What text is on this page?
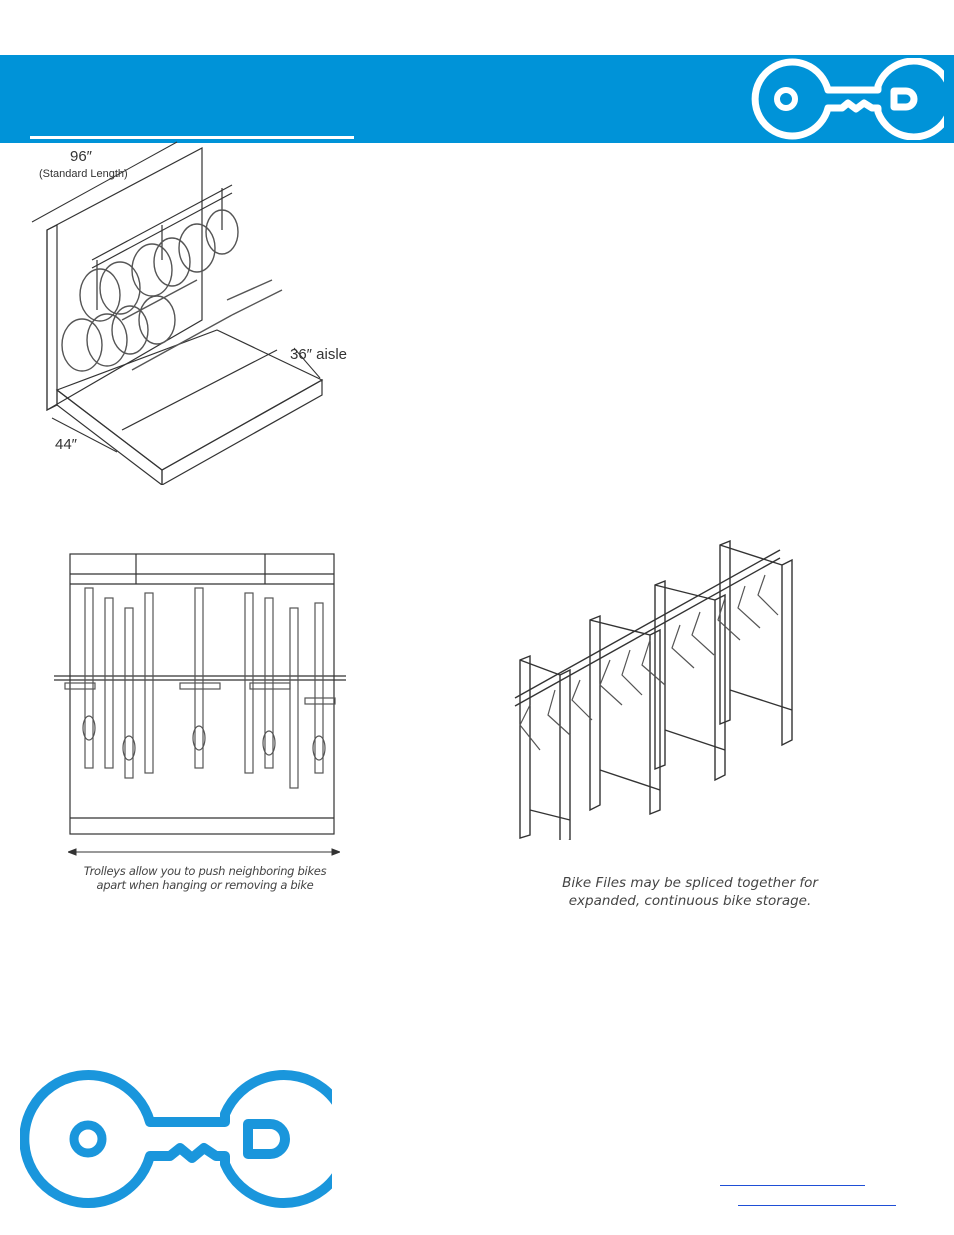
96″
(Standard Length)
36″ aisle
44″
Trolleys allow you to push neighboring bikes
apart when hanging or removing a bike	Bike Files may be spliced together for
expanded, continuous bike storage.
